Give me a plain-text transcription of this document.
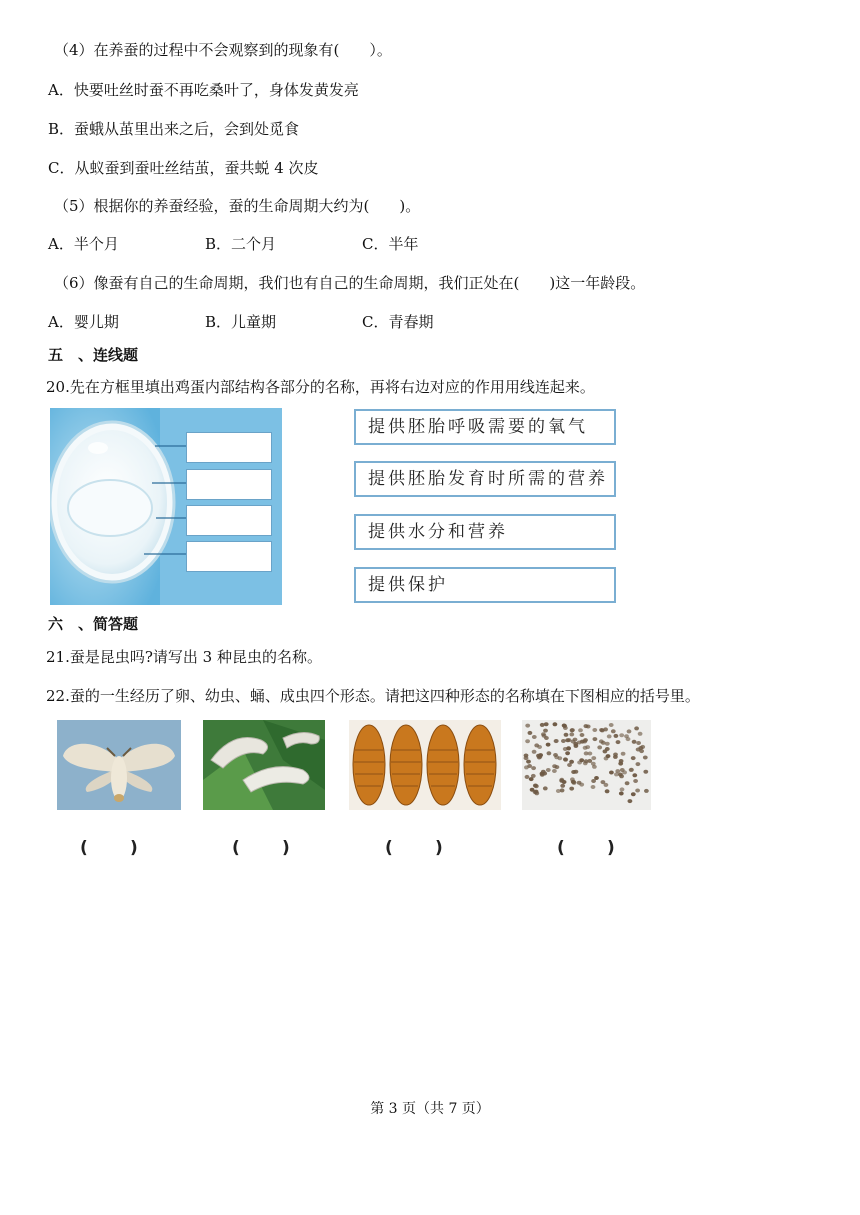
（4）在养蚕的过程中不会观察到的现象有(　　）。
A．快要吐丝时蚕不再吃桑叶了，身体发黄发亮
B．蚕蛾从茧里出来之后，会到处觅食
C．从蚁蚕到蚕吐丝结茧，蚕共蜕 4 次皮
（5）根据你的养蚕经验，蚕的生命周期大约为(　　)。
A．半个月	B．二个月	C．半年
（6）像蚕有自己的生命周期，我们也有自己的生命周期，我们正处在(　　)这一年龄段。
A．婴儿期	B．儿童期	C．青春期
五　、连线题
20.先在方框里填出鸡蛋内部结构各部分的名称，再将右边对应的作用用线连起来。
提供胚胎呼吸需要的氧气
提供胚胎发育时所需的营养
提供水分和营养
提供保护
六　、简答题
21.蚕是昆虫吗?请写出 3 种昆虫的名称。
22.蚕的一生经历了卵、幼虫、蛹、成虫四个形态。请把这四种形态的名称填在下图相应的括号里。
( )	( )	( )	( )
第 3 页（共 7 页）
